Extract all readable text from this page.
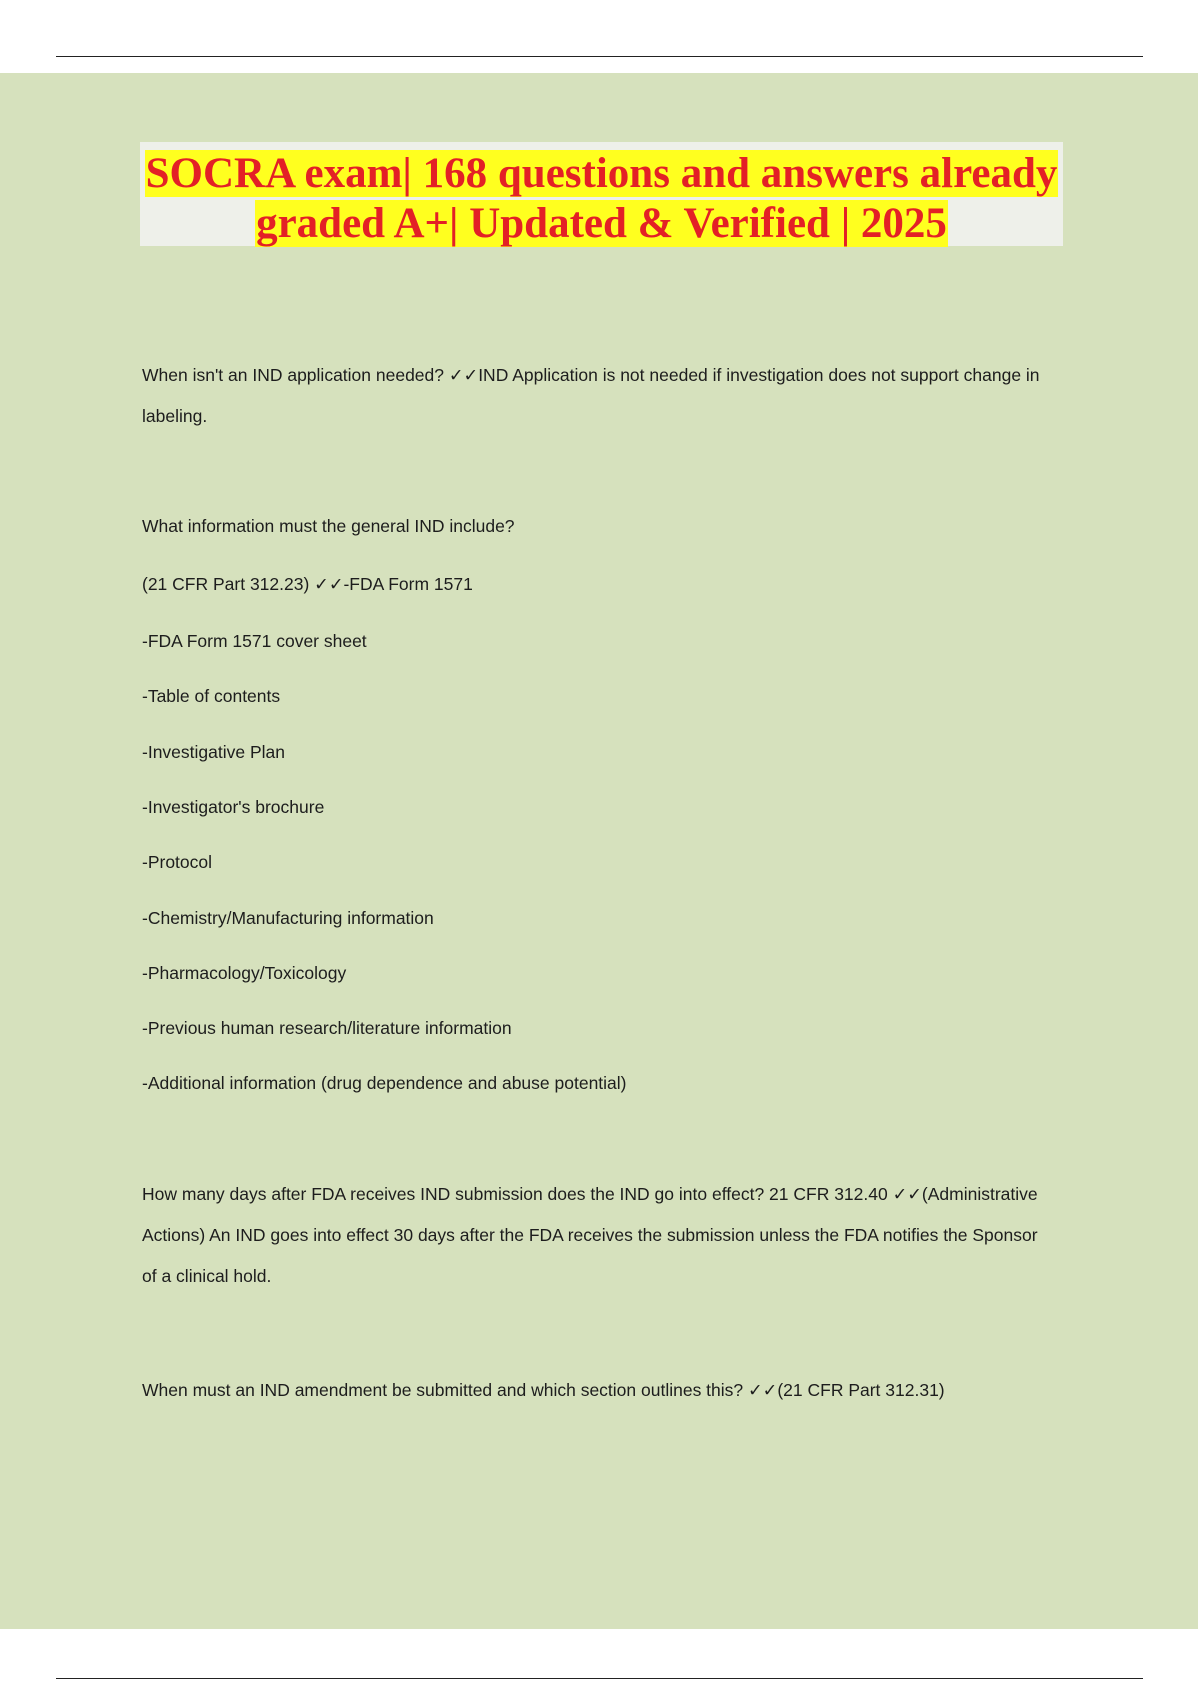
SOCRA exam| 168 questions and answers already
graded A+| Updated & Verified | 2025

When isn't an IND application needed? ✓✓IND Application is not needed if investigation does not support change in labeling.

What information must the general IND include?

(21 CFR Part 312.23) ✓✓-FDA Form 1571

-FDA Form 1571 cover sheet

-Table of contents

-Investigative Plan

-Investigator's brochure

-Protocol

-Chemistry/Manufacturing information

-Pharmacology/Toxicology

-Previous human research/literature information

-Additional information (drug dependence and abuse potential)

How many days after FDA receives IND submission does the IND go into effect? 21 CFR 312.40 ✓✓(Administrative Actions) An IND goes into effect 30 days after the FDA receives the submission unless the FDA notifies the Sponsor of a clinical hold.

When must an IND amendment be submitted and which section outlines this? ✓✓(21 CFR Part 312.31)
